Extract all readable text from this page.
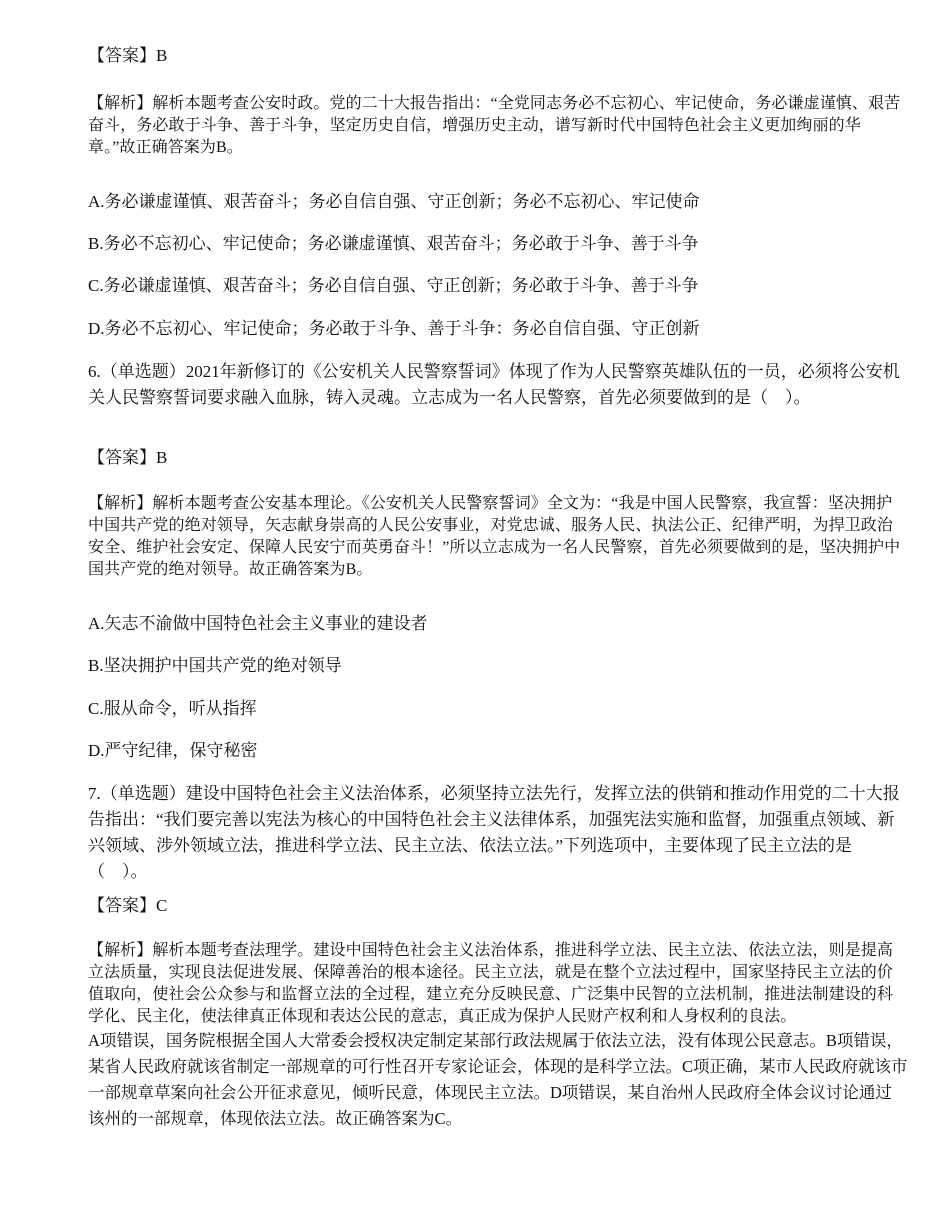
【答案】B

【解析】解析本题考查公安时政。党的二十大报告指出：“全党同志务必不忘初心、牢记使命，务必谦虚谨慎、艰苦奋斗，务必敢于斗争、善于斗争，坚定历史自信，增强历史主动，谱写新时代中国特色社会主义更加绚丽的华章。”故正确答案为B。

A.务必谦虚谨慎、艰苦奋斗；务必自信自强、守正创新；务必不忘初心、牢记使命

B.务必不忘初心、牢记使命；务必谦虚谨慎、艰苦奋斗；务必敢于斗争、善于斗争

C.务必谦虚谨慎、艰苦奋斗；务必自信自强、守正创新；务必敢于斗争、善于斗争

D.务必不忘初心、牢记使命；务必敢于斗争、善于斗争：务必自信自强、守正创新

6.（单选题）2021年新修订的《公安机关人民警察誓词》体现了作为人民警察英雄队伍的一员，必须将公安机关人民警察誓词要求融入血脉，铸入灵魂。立志成为一名人民警察，首先必须要做到的是（　）。

【答案】B

【解析】解析本题考查公安基本理论。《公安机关人民警察誓词》全文为：“我是中国人民警察，我宣誓：坚决拥护中国共产党的绝对领导，矢志献身崇高的人民公安事业，对党忠诚、服务人民、执法公正、纪律严明，为捍卫政治安全、维护社会安定、保障人民安宁而英勇奋斗！”所以立志成为一名人民警察，首先必须要做到的是，坚决拥护中国共产党的绝对领导。故正确答案为B。

A.矢志不渝做中国特色社会主义事业的建设者

B.坚决拥护中国共产党的绝对领导

C.服从命令，听从指挥

D.严守纪律，保守秘密

7.（单选题）建设中国特色社会主义法治体系，必须坚持立法先行，发挥立法的供销和推动作用党的二十大报告指出：“我们要完善以宪法为核心的中国特色社会主义法律体系，加强宪法实施和监督，加强重点领域、新兴领域、涉外领域立法，推进科学立法、民主立法、依法立法。”下列选项中，主要体现了民主立法的是（　）。

【答案】C

【解析】解析本题考查法理学。建设中国特色社会主义法治体系，推进科学立法、民主立法、依法立法，则是提高立法质量，实现良法促进发展、保障善治的根本途径。民主立法，就是在整个立法过程中，国家坚持民主立法的价值取向，使社会公众参与和监督立法的全过程，建立充分反映民意、广泛集中民智的立法机制，推进法制建设的科学化、民主化，使法律真正体现和表达公民的意志，真正成为保护人民财产权利和人身权利的良法。

A项错误，国务院根据全国人大常委会授权决定制定某部行政法规属于依法立法，没有体现公民意志。B项错误，某省人民政府就该省制定一部规章的可行性召开专家论证会，体现的是科学立法。C项正确，某市人民政府就该市一部规章草案向社会公开征求意见，倾听民意，体现民主立法。D项错误，某自治州人民政府全体会议讨论通过该州的一部规章，体现依法立法。故正确答案为C。
